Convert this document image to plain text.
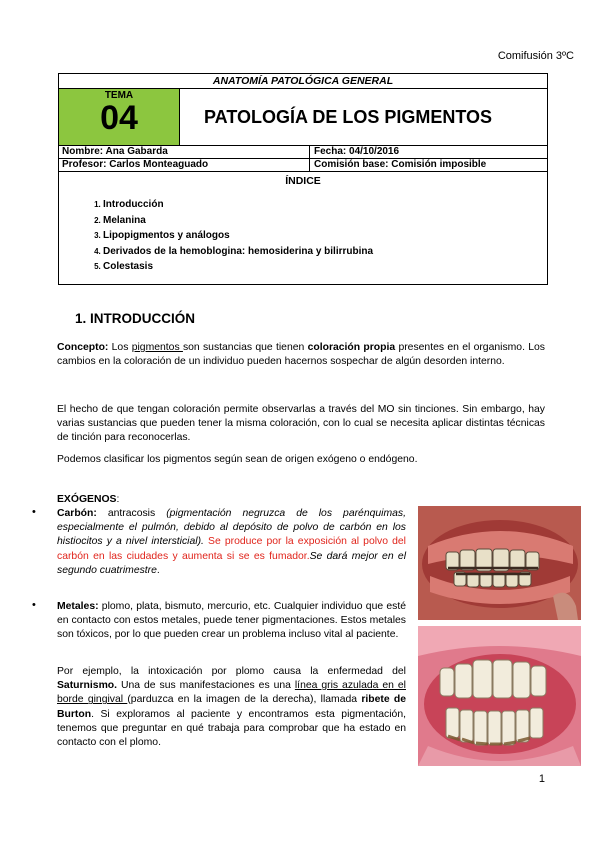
Comifusión 3ºC
ANATOMÍA PATOLÓGICA GENERAL
TEMA
04	PATOLOGÍA DE LOS PIGMENTOS
Nombre: Ana Gabarda	Fecha: 04/10/2016
Profesor: Carlos Monteaguado	Comisión base: Comisión imposible
ÍNDICE
1. Introducción
2. Melanina
3. Lipopigmentos y análogos
4. Derivados de la hemoblogina: hemosiderina y bilirrubina
5. Colestasis
1. INTRODUCCIÓN
Concepto: Los pigmentos son sustancias que tienen coloración propia presentes en el organismo. Los cambios en la coloración de un individuo pueden hacernos sospechar de algún desorden interno.
El hecho de que tengan coloración permite observarlas a través del MO sin tinciones. Sin embargo, hay varias sustancias que pueden tener la misma coloración, con lo cual se necesita aplicar distintas técnicas de tinción para reconocerlas.
Podemos clasificar los pigmentos según sean de origen exógeno o endógeno.
EXÓGENOS:
• Carbón: antracosis (pigmentación negruzca de los parénquimas, especialmente el pulmón, debido al depósito de polvo de carbón en los histiocitos y a nivel intersticial). Se produce por la exposición al polvo del carbón en las ciudades y aumenta si se es fumador.Se dará mejor en el segundo cuatrimestre.
• Metales: plomo, plata, bismuto, mercurio, etc. Cualquier individuo que esté en contacto con estos metales, puede tener pigmentaciones. Estos metales son tóxicos, por lo que pueden crear un problema incluso vital al paciente.
Por ejemplo, la intoxicación por plomo causa la enfermedad del Saturnismo. Una de sus manifestaciones es una línea gris azulada en el borde gingival (parduzca en la imagen de la derecha), llamada ribete de Burton. Si exploramos al paciente y encontramos esta pigmentación, tenemos que preguntar en qué trabaja para comprobar que ha estado en contacto con el plomo.
1
